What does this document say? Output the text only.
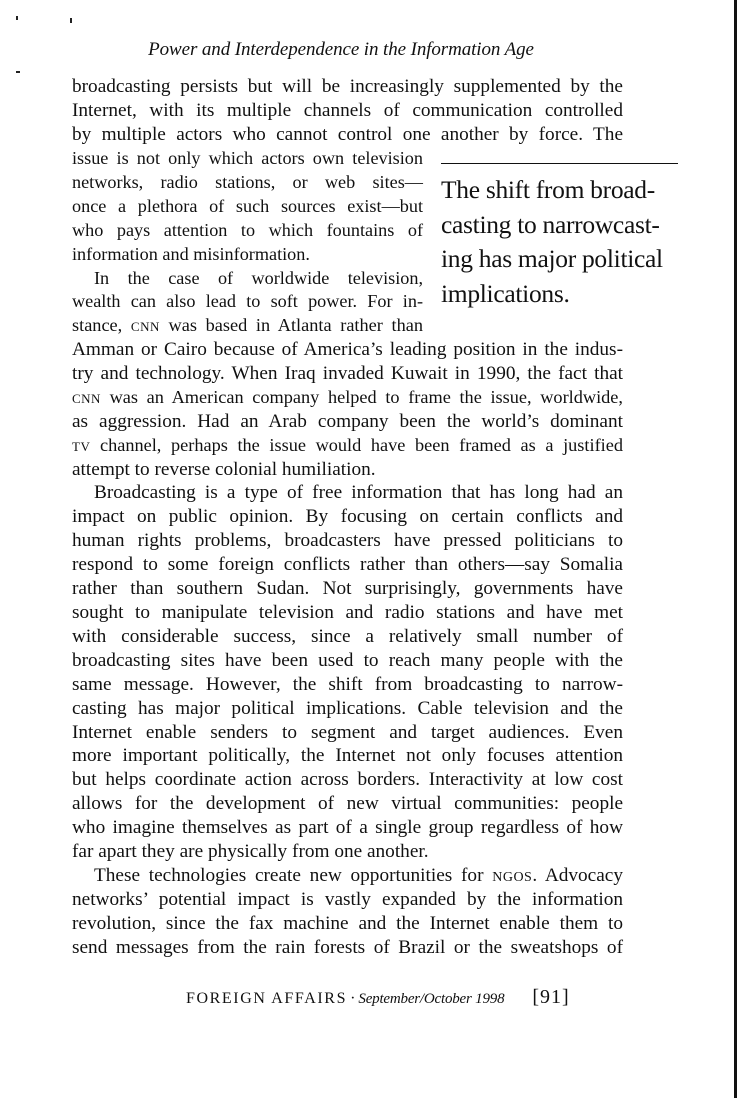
Power and Interdependence in the Information Age
broadcasting persists but will be increasingly supplemented by the
Internet, with its multiple channels of communication controlled
by multiple actors who cannot control one another by force. The
issue is not only which actors own television
networks, radio stations, or web sites—
once a plethora of such sources exist—but
who pays attention to which fountains of
information and misinformation.
In the case of worldwide television,
wealth can also lead to soft power. For in-
stance, cnn was based in Atlanta rather than
The shift from broad-
casting to narrowcast-
ing has major political
implications.
Amman or Cairo because of America’s leading position in the indus-
try and technology. When Iraq invaded Kuwait in 1990, the fact that
cnn was an American company helped to frame the issue, worldwide,
as aggression. Had an Arab company been the world’s dominant
tv channel, perhaps the issue would have been framed as a justified
attempt to reverse colonial humiliation.
Broadcasting is a type of free information that has long had an
impact on public opinion. By focusing on certain conflicts and
human rights problems, broadcasters have pressed politicians to
respond to some foreign conflicts rather than others—say Somalia
rather than southern Sudan. Not surprisingly, governments have
sought to manipulate television and radio stations and have met
with considerable success, since a relatively small number of
broadcasting sites have been used to reach many people with the
same message. However, the shift from broadcasting to narrow-
casting has major political implications. Cable television and the
Internet enable senders to segment and target audiences. Even
more important politically, the Internet not only focuses attention
but helps coordinate action across borders. Interactivity at low cost
allows for the development of new virtual communities: people
who imagine themselves as part of a single group regardless of how
far apart they are physically from one another.
These technologies create new opportunities for ngos. Advocacy
networks’ potential impact is vastly expanded by the information
revolution, since the fax machine and the Internet enable them to
send messages from the rain forests of Brazil or the sweatshops of
FOREIGN AFFAIRS · September/October 1998 [91]
